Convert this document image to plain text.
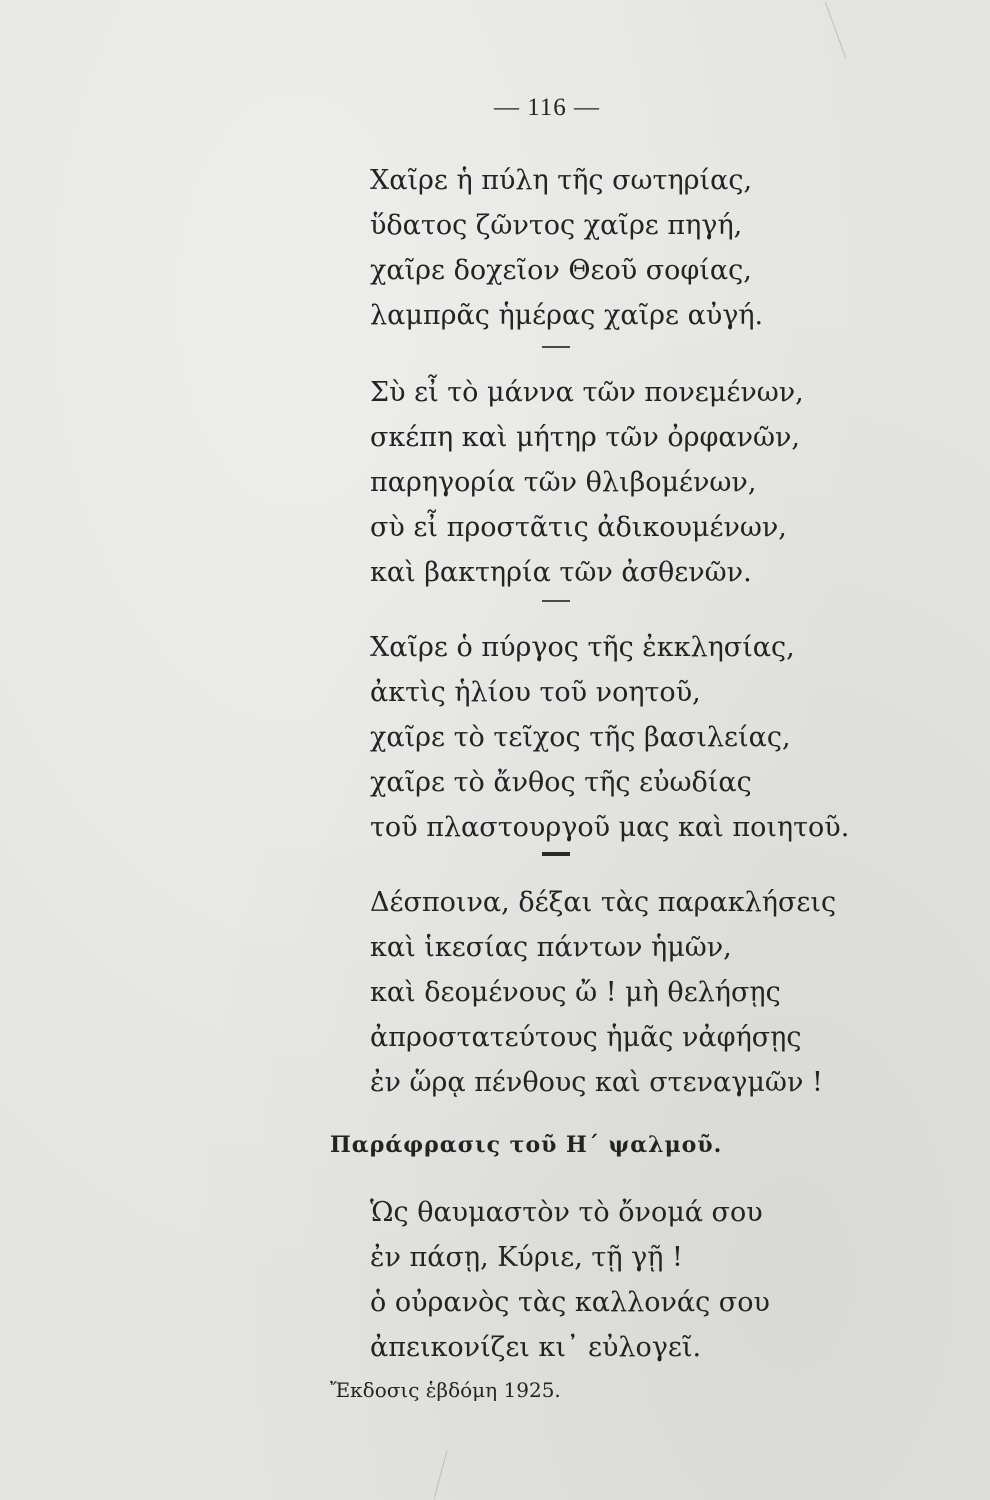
— 116 —
Χαῖρε ἡ πύλη τῆς σωτηρίας,
ὕδατος ζῶντος χαῖρε πηγή,
χαῖρε δοχεῖον Θεοῦ σοφίας,
λαμπρᾶς ἡμέρας χαῖρε αὐγή.
Σὺ εἶ τὸ μάννα τῶν πονεμένων,
σκέπη καὶ μήτηρ τῶν ὀρφανῶν,
παρηγορία τῶν θλιβομένων,
σὺ εἶ προστᾶτις ἀδικουμένων,
καὶ βακτηρία τῶν ἀσθενῶν.
Χαῖρε ὁ πύργος τῆς ἐκκλησίας,
ἀκτὶς ἡλίου τοῦ νοητοῦ,
χαῖρε τὸ τεῖχος τῆς βασιλείας,
χαῖρε τὸ ἄνθος τῆς εὐωδίας
τοῦ πλαστουργοῦ μας καὶ ποιητοῦ.
Δέσποινα, δέξαι τὰς παρακλήσεις
καὶ ἱκεσίας πάντων ἡμῶν,
καὶ δεομένους ὤ ! μὴ θελήσῃς
ἀπροστατεύτους ἡμᾶς νἀφήσῃς
ἐν ὥρᾳ πένθους καὶ στεναγμῶν !
Παράφρασις τοῦ Η΄ ψαλμοῦ.
Ὡς θαυμαστὸν τὸ ὄνομά σου
ἐν πάσῃ, Κύριε, τῇ γῇ !
ὁ οὐρανὸς τὰς καλλονάς σου
ἀπεικονίζει κι᾽ εὐλογεῖ.
Ἔκδοσις ἑβδόμη 1925.
